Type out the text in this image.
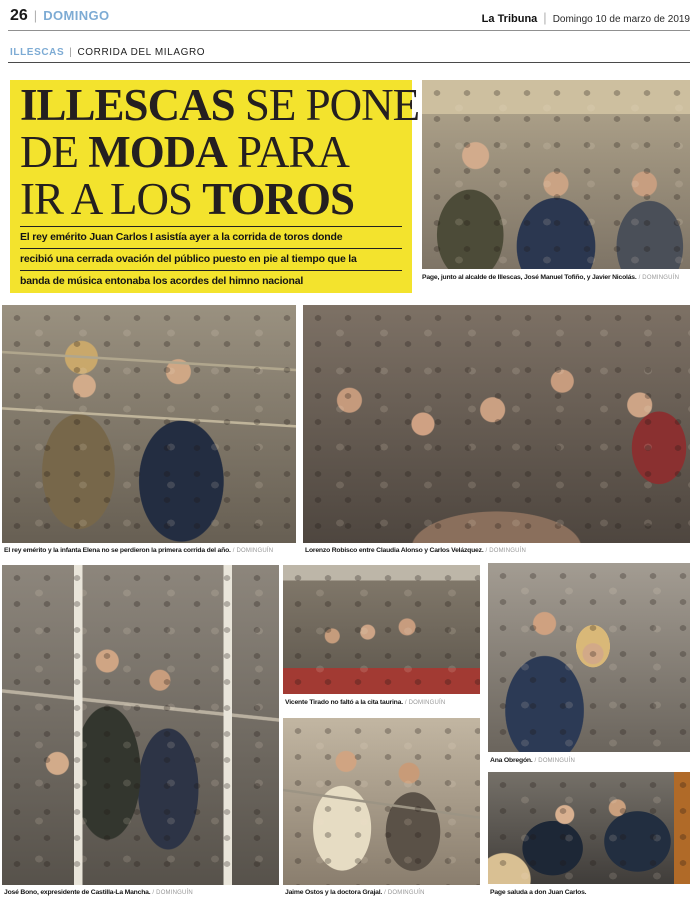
26 | DOMINGO	La Tribuna | Domingo 10 de marzo de 2019
ILLESCAS | CORRIDA DEL MILAGRO
ILLESCAS SE PONE
DE MODA PARA
IR A LOS TOROS
El rey emérito Juan Carlos I asistía ayer a la corrida de toros donde
recibió una cerrada ovación del público puesto en pie al tiempo que la
banda de música entonaba los acordes del himno nacional	Page, junto al alcalde de Illescas, José Manuel Tofiño, y Javier Nicolás. / DOMINGUÍN
El rey emérito y la infanta Elena no se perdieron la primera corrida del año. / DOMINGUÍN	Lorenzo Robisco entre Claudia Alonso y Carlos Velázquez. / DOMINGUÍN
José Bono, expresidente de Castilla-La Mancha. / DOMINGUÍN
Vicente Tirado no faltó a la cita taurina. / DOMINGUÍN
Jaime Ostos y la doctora Grajal. / DOMINGUÍN
Ana Obregón. / DOMINGUÍN
Page saluda a don Juan Carlos.
